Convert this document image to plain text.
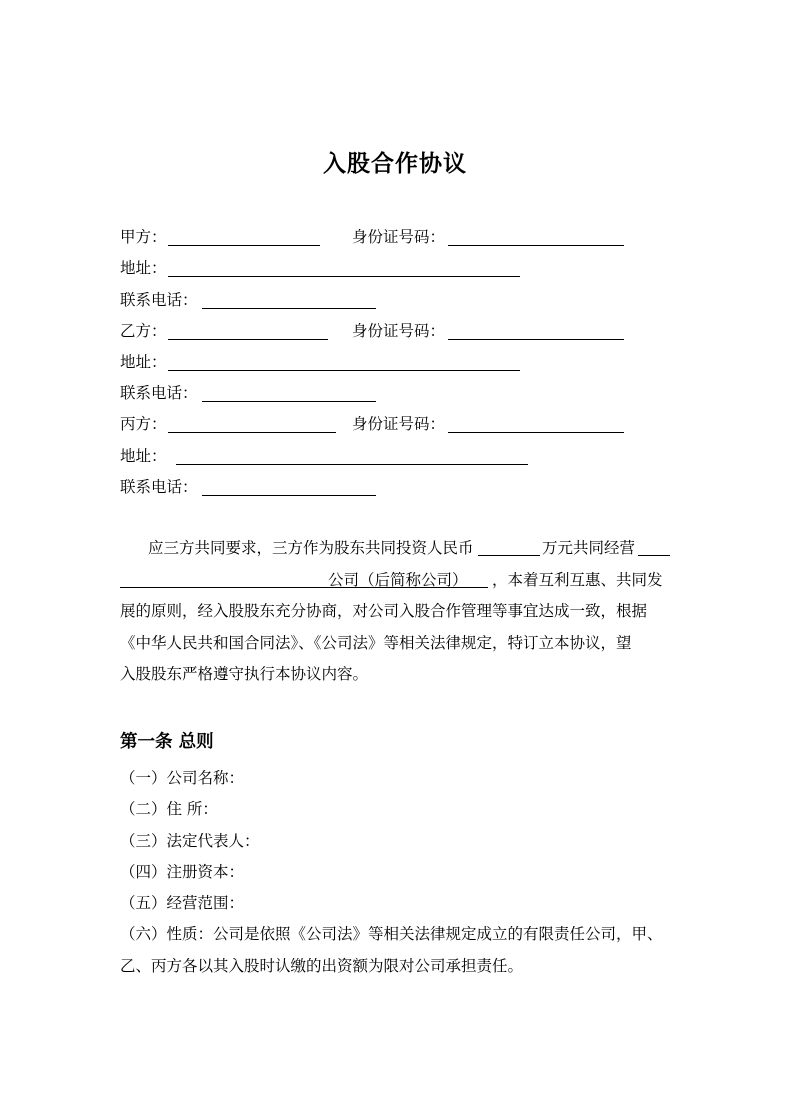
入股合作协议
甲方：	身份证号码：
地址：
联系电话：
乙方：	身份证号码：
地址：
联系电话：
丙方：	身份证号码：
地址：
联系电话：
应三方共同要求，三方作为股东共同投资人民币	万元共同经营
公司（后简称公司） ，本着互利互惠、共同发
展的原则，经入股股东充分协商，对公司入股合作管理等事宜达成一致，根据
《中华人民共和国合同法》、《公司法》等相关法律规定，特订立本协议，望
入股股东严格遵守执行本协议内容。
第一条 总则
（一）公司名称：
（二）住 所：
（三）法定代表人：
（四）注册资本：
（五）经营范围：
（六）性质：公司是依照《公司法》等相关法律规定成立的有限责任公司，甲、
乙、丙方各以其入股时认缴的出资额为限对公司承担责任。
